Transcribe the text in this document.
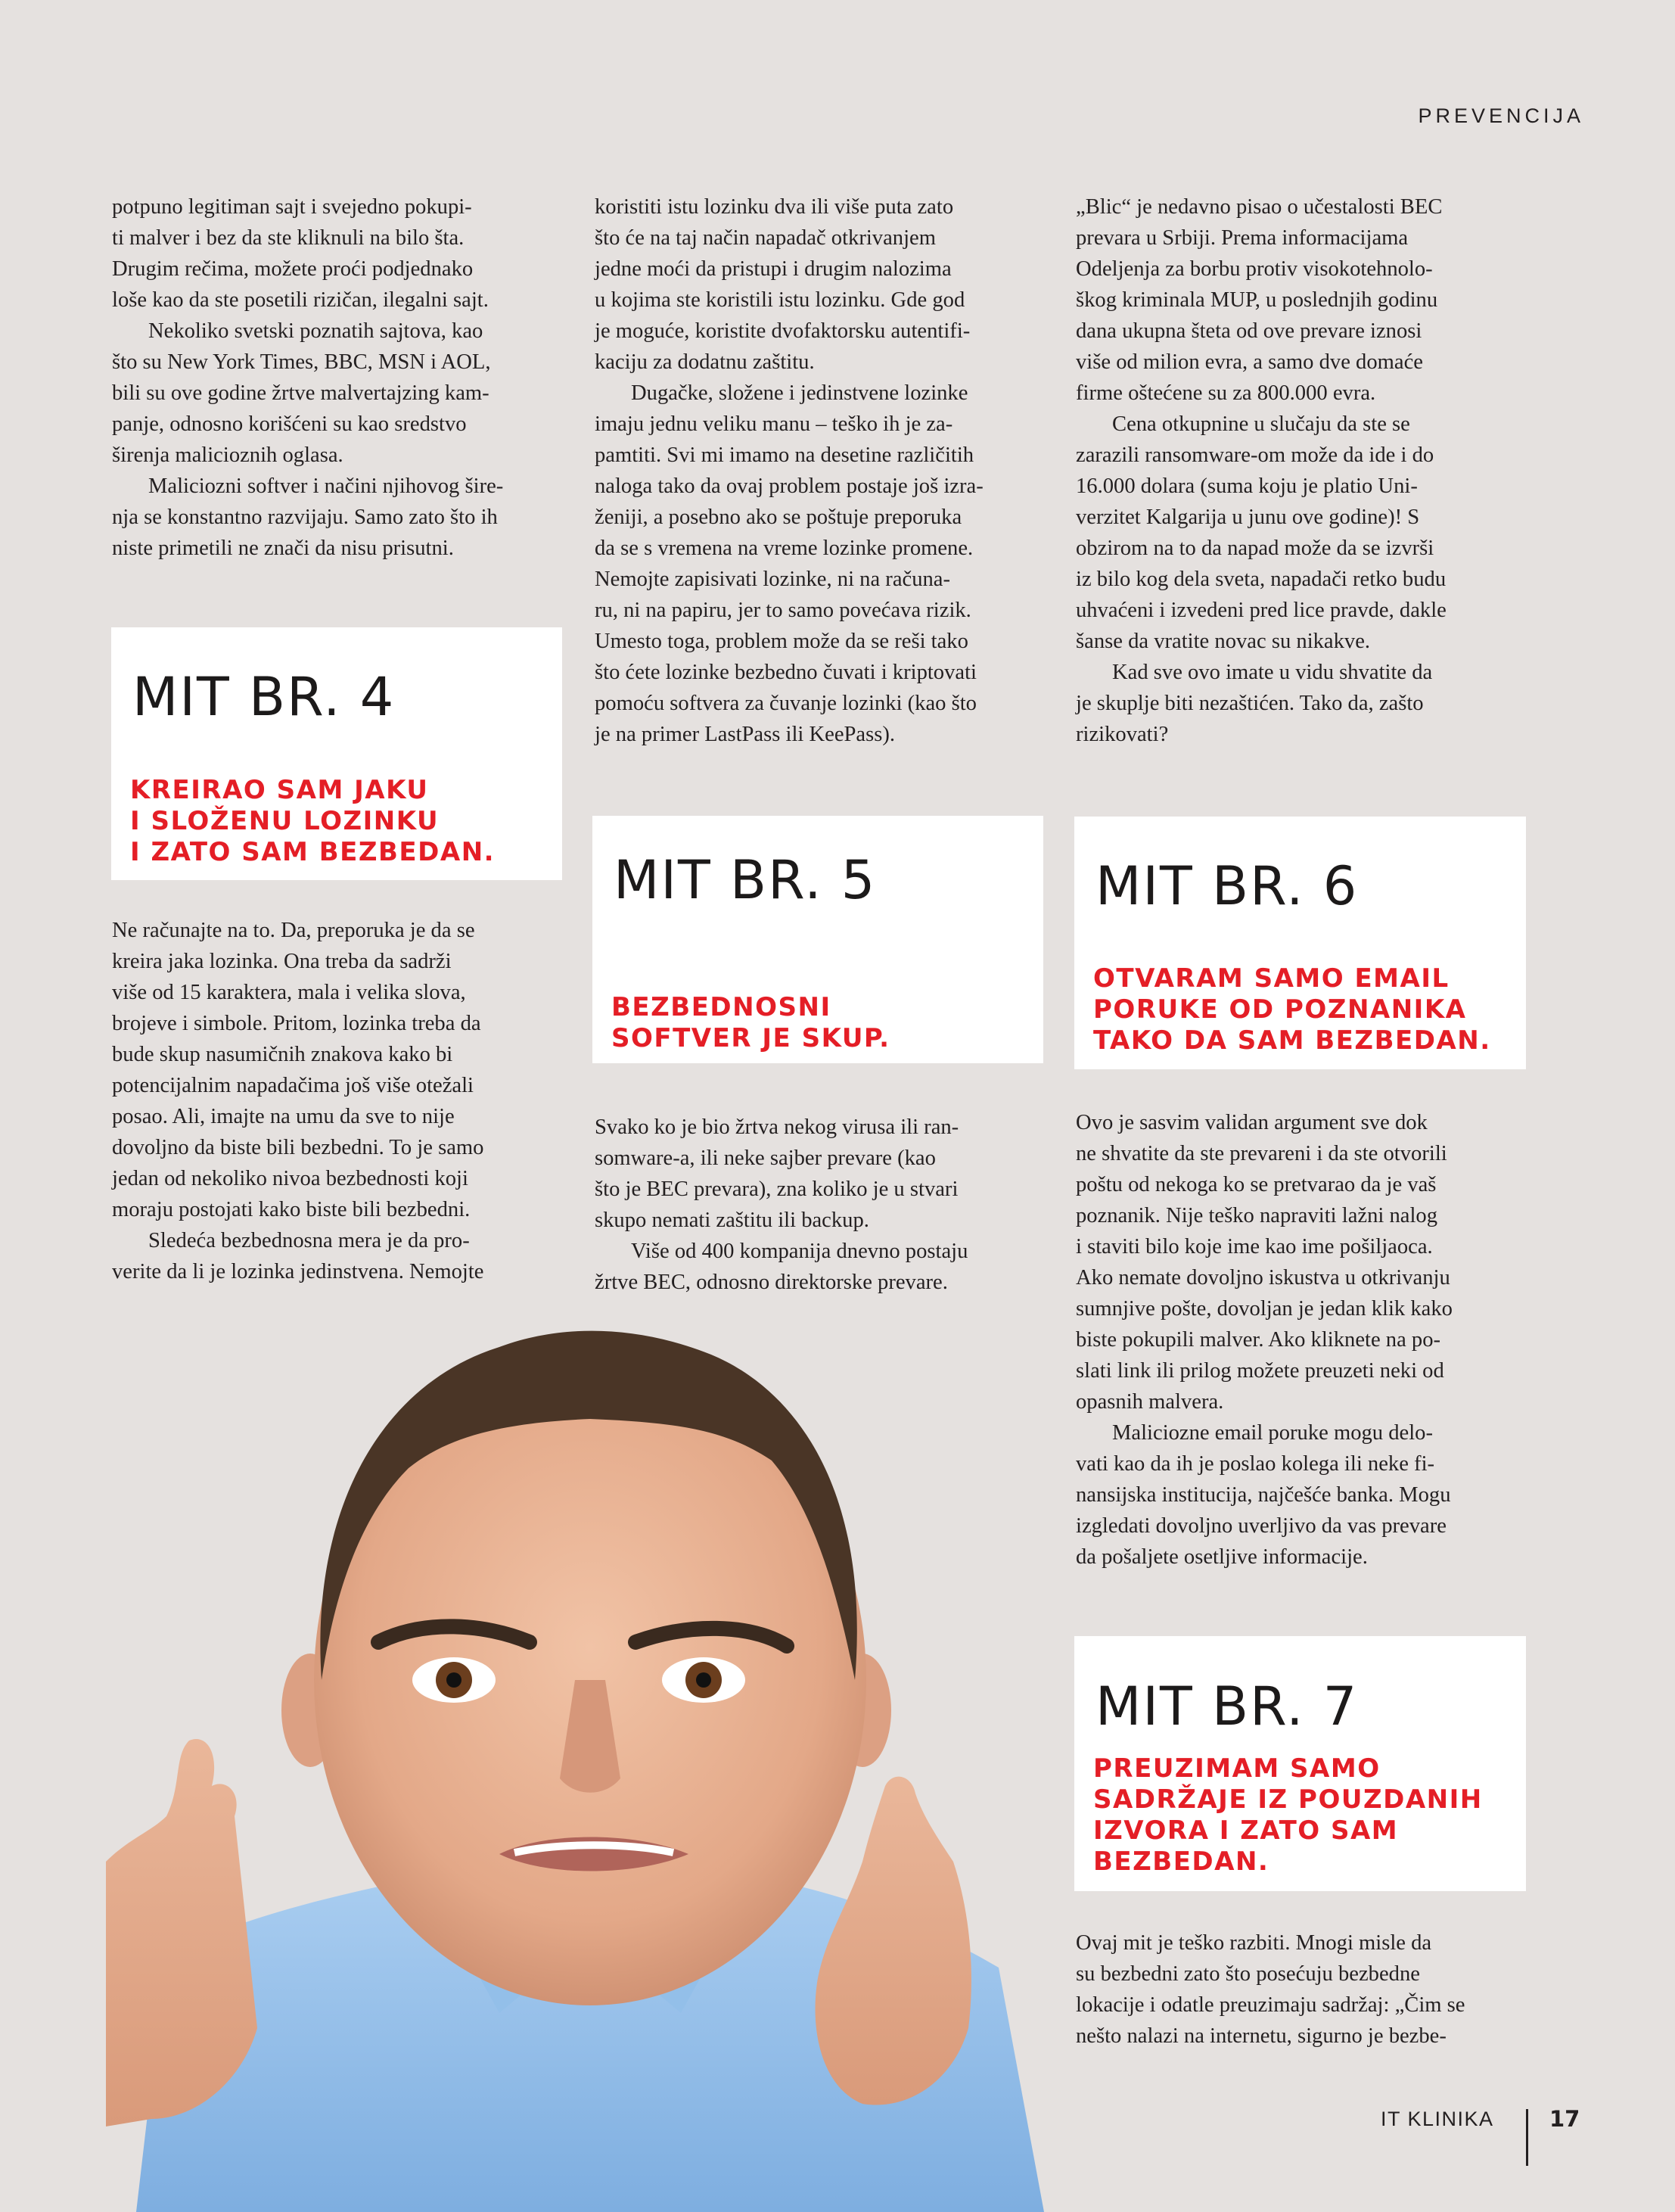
PREVENCIJA

potpuno legitiman sajt i svejedno pokupi-
ti malver i bez da ste kliknuli na bilo šta.
Drugim rečima, možete proći podjednako
loše kao da ste posetili rizičan, ilegalni sajt.

Nekoliko svetski poznatih sajtova, kao
što su New York Times, BBC, MSN i AOL,
bili su ove godine žrtve malvertajzing kam-
panje, odnosno korišćeni su kao sredstvo
širenja malicioznih oglasa.

Maliciozni softver i načini njihovog šire-
nja se konstantno razvijaju. Samo zato što ih
niste primetili ne znači da nisu prisutni.

Ne računajte na to. Da, preporuka je da se
kreira jaka lozinka. Ona treba da sadrži
više od 15 karaktera, mala i velika slova,
brojeve i simbole. Pritom, lozinka treba da
bude skup nasumičnih znakova kako bi
potencijalnim napadačima još više otežali
posao. Ali, imajte na umu da sve to nije
dovoljno da biste bili bezbedni. To je samo
jedan od nekoliko nivoa bezbednosti koji
moraju postojati kako biste bili bezbedni.

Sledeća bezbednosna mera je da pro-
verite da li je lozinka jedinstvena. Nemojte

koristiti istu lozinku dva ili više puta zato
što će na taj način napadač otkrivanjem
jedne moći da pristupi i drugim nalozima
u kojima ste koristili istu lozinku. Gde god
je moguće, koristite dvofaktorsku autentifi-
kaciju za dodatnu zaštitu.

Dugačke, složene i jedinstvene lozinke
imaju jednu veliku manu – teško ih je za-
pamtiti. Svi mi imamo na desetine različitih
naloga tako da ovaj problem postaje još izra-
ženiji, a posebno ako se poštuje preporuka
da se s vremena na vreme lozinke promene.
Nemojte zapisivati lozinke, ni na računa-
ru, ni na papiru, jer to samo povećava rizik.
Umesto toga, problem može da se reši tako
što ćete lozinke bezbedno čuvati i kriptovati
pomoću softvera za čuvanje lozinki (kao što
je na primer LastPass ili KeePass).

Svako ko je bio žrtva nekog virusa ili ran-
somware-a, ili neke sajber prevare (kao
što je BEC prevara), zna koliko je u stvari
skupo nemati zaštitu ili backup.

Više od 400 kompanija dnevno postaju
žrtve BEC, odnosno direktorske prevare.

„Blic“ je nedavno pisao o učestalosti BEC
prevara u Srbiji. Prema informacijama
Odeljenja za borbu protiv visokotehnolo-
škog kriminala MUP, u poslednjih godinu
dana ukupna šteta od ove prevare iznosi
više od milion evra, a samo dve domaće
firme oštećene su za 800.000 evra.

Cena otkupnine u slučaju da ste se
zarazili ransomware-om može da ide i do
16.000 dolara (suma koju je platio Uni-
verzitet Kalgarija u junu ove godine)! S
obzirom na to da napad može da se izvrši
iz bilo kog dela sveta, napadači retko budu
uhvaćeni i izvedeni pred lice pravde, dakle
šanse da vratite novac su nikakve.

Kad sve ovo imate u vidu shvatite da
je skuplje biti nezaštićen. Tako da, zašto
rizikovati?

Ovo je sasvim validan argument sve dok
ne shvatite da ste prevareni i da ste otvorili
poštu od nekoga ko se pretvarao da je vaš
poznanik. Nije teško napraviti lažni nalog
i staviti bilo koje ime kao ime pošiljaoca.
Ako nemate dovoljno iskustva u otkrivanju
sumnjive pošte, dovoljan je jedan klik kako
biste pokupili malver. Ako kliknete na po-
slati link ili prilog možete preuzeti neki od
opasnih malvera.

Maliciozne email poruke mogu delo-
vati kao da ih je poslao kolega ili neke fi-
nansijska institucija, najčešće banka. Mogu
izgledati dovoljno uverljivo da vas prevare
da pošaljete osetljive informacije.

Ovaj mit je teško razbiti. Mnogi misle da
su bezbedni zato što posećuju bezbedne
lokacije i odatle preuzimaju sadržaj: „Čim se
nešto nalazi na internetu, sigurno je bezbe-

MIT BR. 4
KREIRAO SAM JAKU
I SLOŽENU LOZINKU
I ZATO SAM BEZBEDAN. MIT BR. 5
BEZBEDNOSNI
SOFTVER JE SKUP.
MIT BR. 6
OTVARAM SAMO EMAIL
PORUKE OD POZNANIKA
TAKO DA SAM BEZBEDAN.
MIT BR. 7
PREUZIMAM SAMO
SADRŽAJE IZ POUZDANIH
IZVORA I ZATO SAM
BEZBEDAN.
IT KLINIKA	17
